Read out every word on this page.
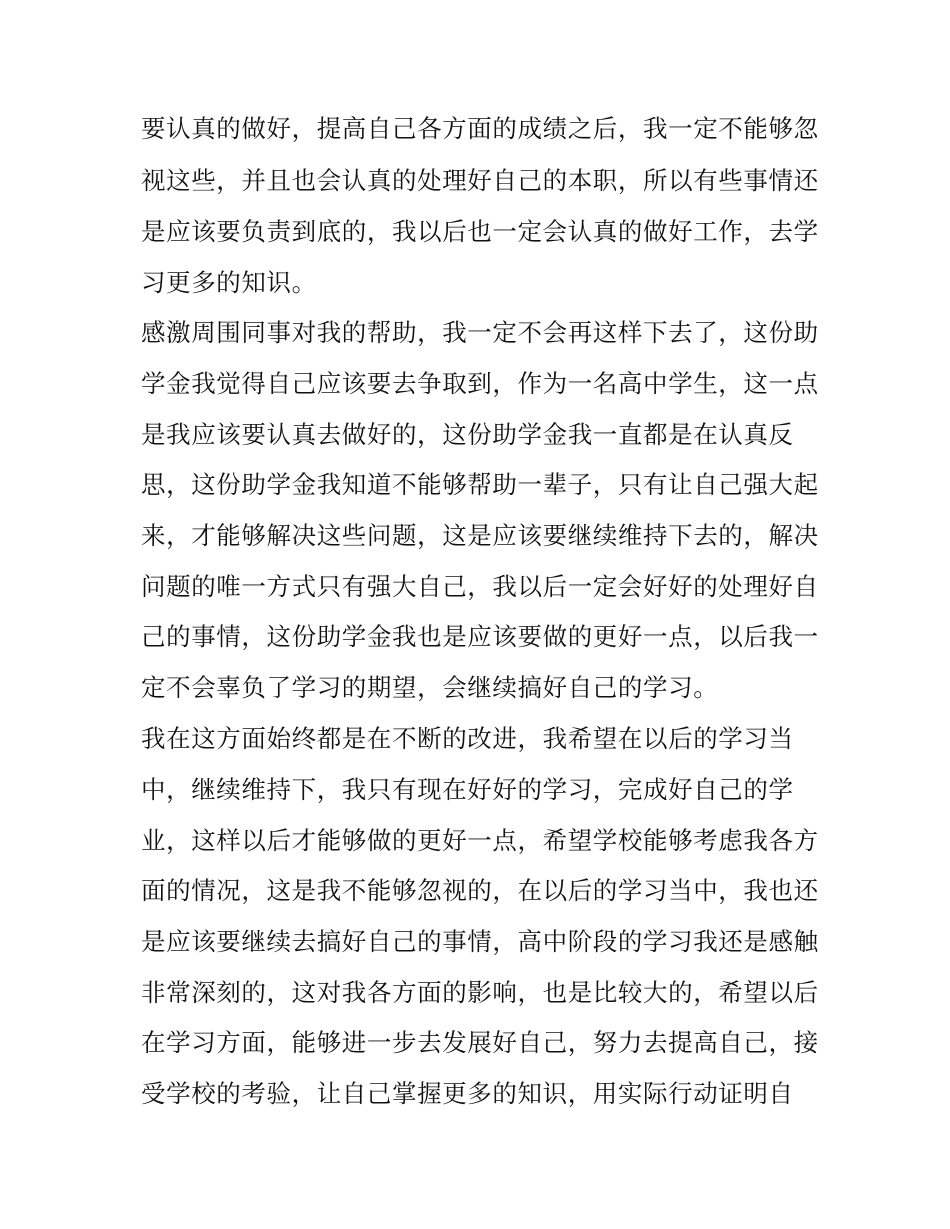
要认真的做好，提高自己各方面的成绩之后，我一定不能够忽
视这些，并且也会认真的处理好自己的本职，所以有些事情还
是应该要负责到底的，我以后也一定会认真的做好工作，去学
习更多的知识。
感激周围同事对我的帮助，我一定不会再这样下去了，这份助
学金我觉得自己应该要去争取到，作为一名高中学生，这一点
是我应该要认真去做好的，这份助学金我一直都是在认真反
思，这份助学金我知道不能够帮助一辈子，只有让自己强大起
来，才能够解决这些问题，这是应该要继续维持下去的，解决
问题的唯一方式只有强大自己，我以后一定会好好的处理好自
己的事情，这份助学金我也是应该要做的更好一点，以后我一
定不会辜负了学习的期望，会继续搞好自己的学习。
我在这方面始终都是在不断的改进，我希望在以后的学习当
中，继续维持下，我只有现在好好的学习，完成好自己的学
业，这样以后才能够做的更好一点，希望学校能够考虑我各方
面的情况，这是我不能够忽视的，在以后的学习当中，我也还
是应该要继续去搞好自己的事情，高中阶段的学习我还是感触
非常深刻的，这对我各方面的影响，也是比较大的，希望以后
在学习方面，能够进一步去发展好自己，努力去提高自己，接
受学校的考验，让自己掌握更多的知识，用实际行动证明自
